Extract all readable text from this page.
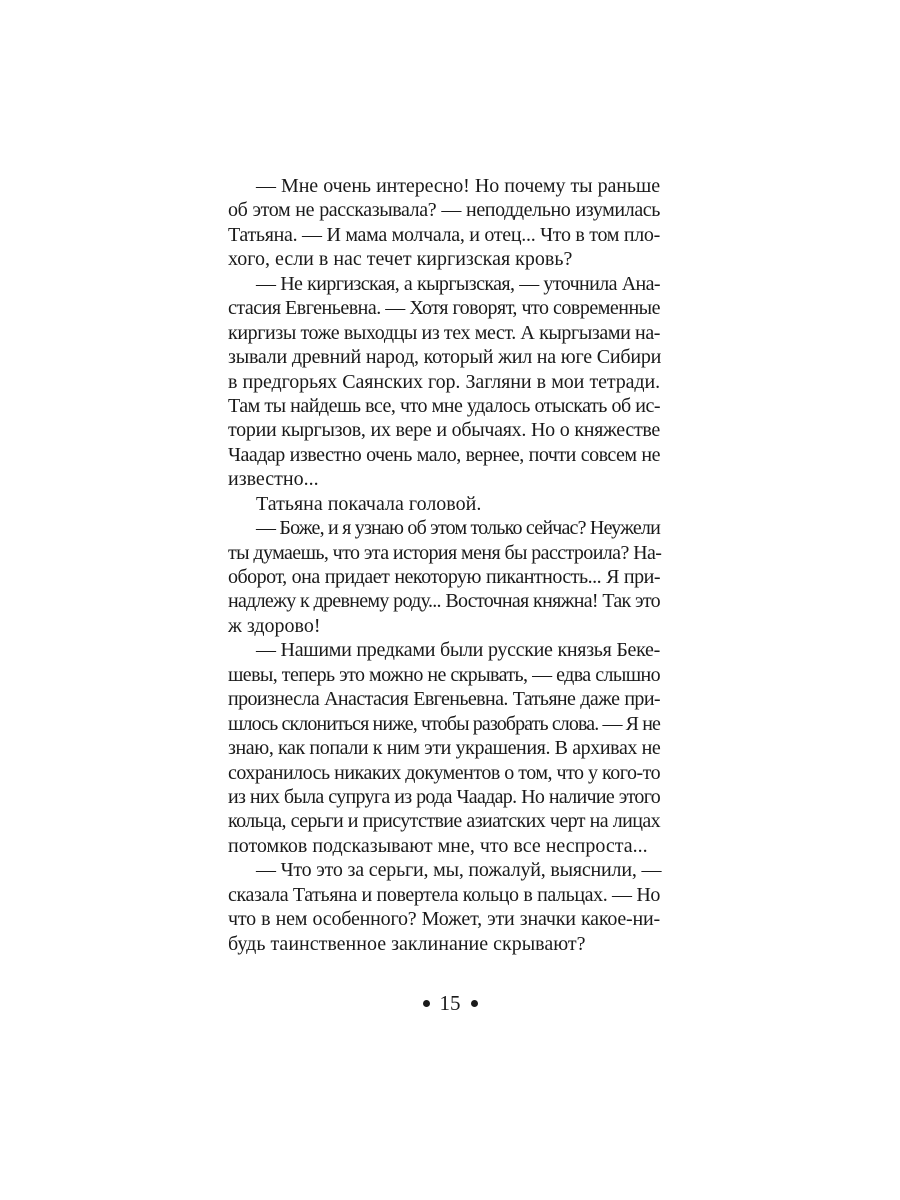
— Мне очень интересно! Но почему ты раньше
об этом не рассказывала? — неподдельно изумилась
Татьяна. — И мама молчала, и отец... Что в том пло-
хого, если в нас течет киргизская кровь?
— Не киргизская, а кыргызская, — уточнила Ана-
стасия Евгеньевна. — Хотя говорят, что современные
киргизы тоже выходцы из тех мест. А кыргызами на-
зывали древний народ, который жил на юге Сибири
в предгорьях Саянских гор. Загляни в мои тетради.
Там ты найдешь все, что мне удалось отыскать об ис-
тории кыргызов, их вере и обычаях. Но о княжестве
Чаадар известно очень мало, вернее, почти совсем не
известно...
Татьяна покачала головой.
— Боже, и я узнаю об этом только сейчас? Неужели
ты думаешь, что эта история меня бы расстроила? На-
оборот, она придает некоторую пикантность... Я при-
надлежу к древнему роду... Восточная княжна! Так это
ж здорово!
— Нашими предками были русские князья Беке-
шевы, теперь это можно не скрывать, — едва слышно
произнесла Анастасия Евгеньевна. Татьяне даже при-
шлось склониться ниже, чтобы разобрать слова. — Я не
знаю, как попали к ним эти украшения. В архивах не
сохранилось никаких документов о том, что у кого-то
из них была супруга из рода Чаадар. Но наличие этого
кольца, серьги и присутствие азиатских черт на лицах
потомков подсказывают мне, что все неспроста...
— Что это за серьги, мы, пожалуй, выяснили, —
сказала Татьяна и повертела кольцо в пальцах. — Но
что в нем особенного? Может, эти значки какое-ни-
будь таинственное заклинание скрывают?
15
